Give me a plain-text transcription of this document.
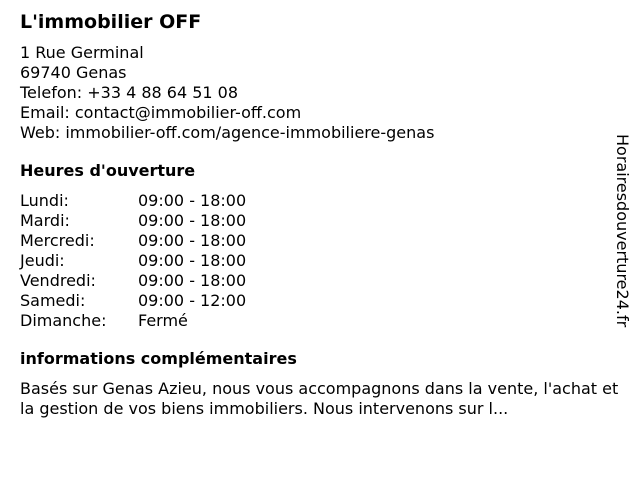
L'immobilier OFF
1 Rue Germinal
69740 Genas
Telefon: +33 4 88 64 51 08
Email: contact@immobilier-off.com
Web: immobilier-off.com/agence-immobiliere-genas
Heures d'ouverture
Lundi:	09:00 - 18:00
Mardi:	09:00 - 18:00
Mercredi:	09:00 - 18:00
Jeudi:	09:00 - 18:00
Vendredi:	09:00 - 18:00
Samedi:	09:00 - 12:00
Dimanche:	Fermé
informations complémentaires
Basés sur Genas Azieu, nous vous accompagnons dans la vente, l'achat et la gestion de vos biens immobiliers. Nous intervenons sur l...
Horairesdouverture24.fr
